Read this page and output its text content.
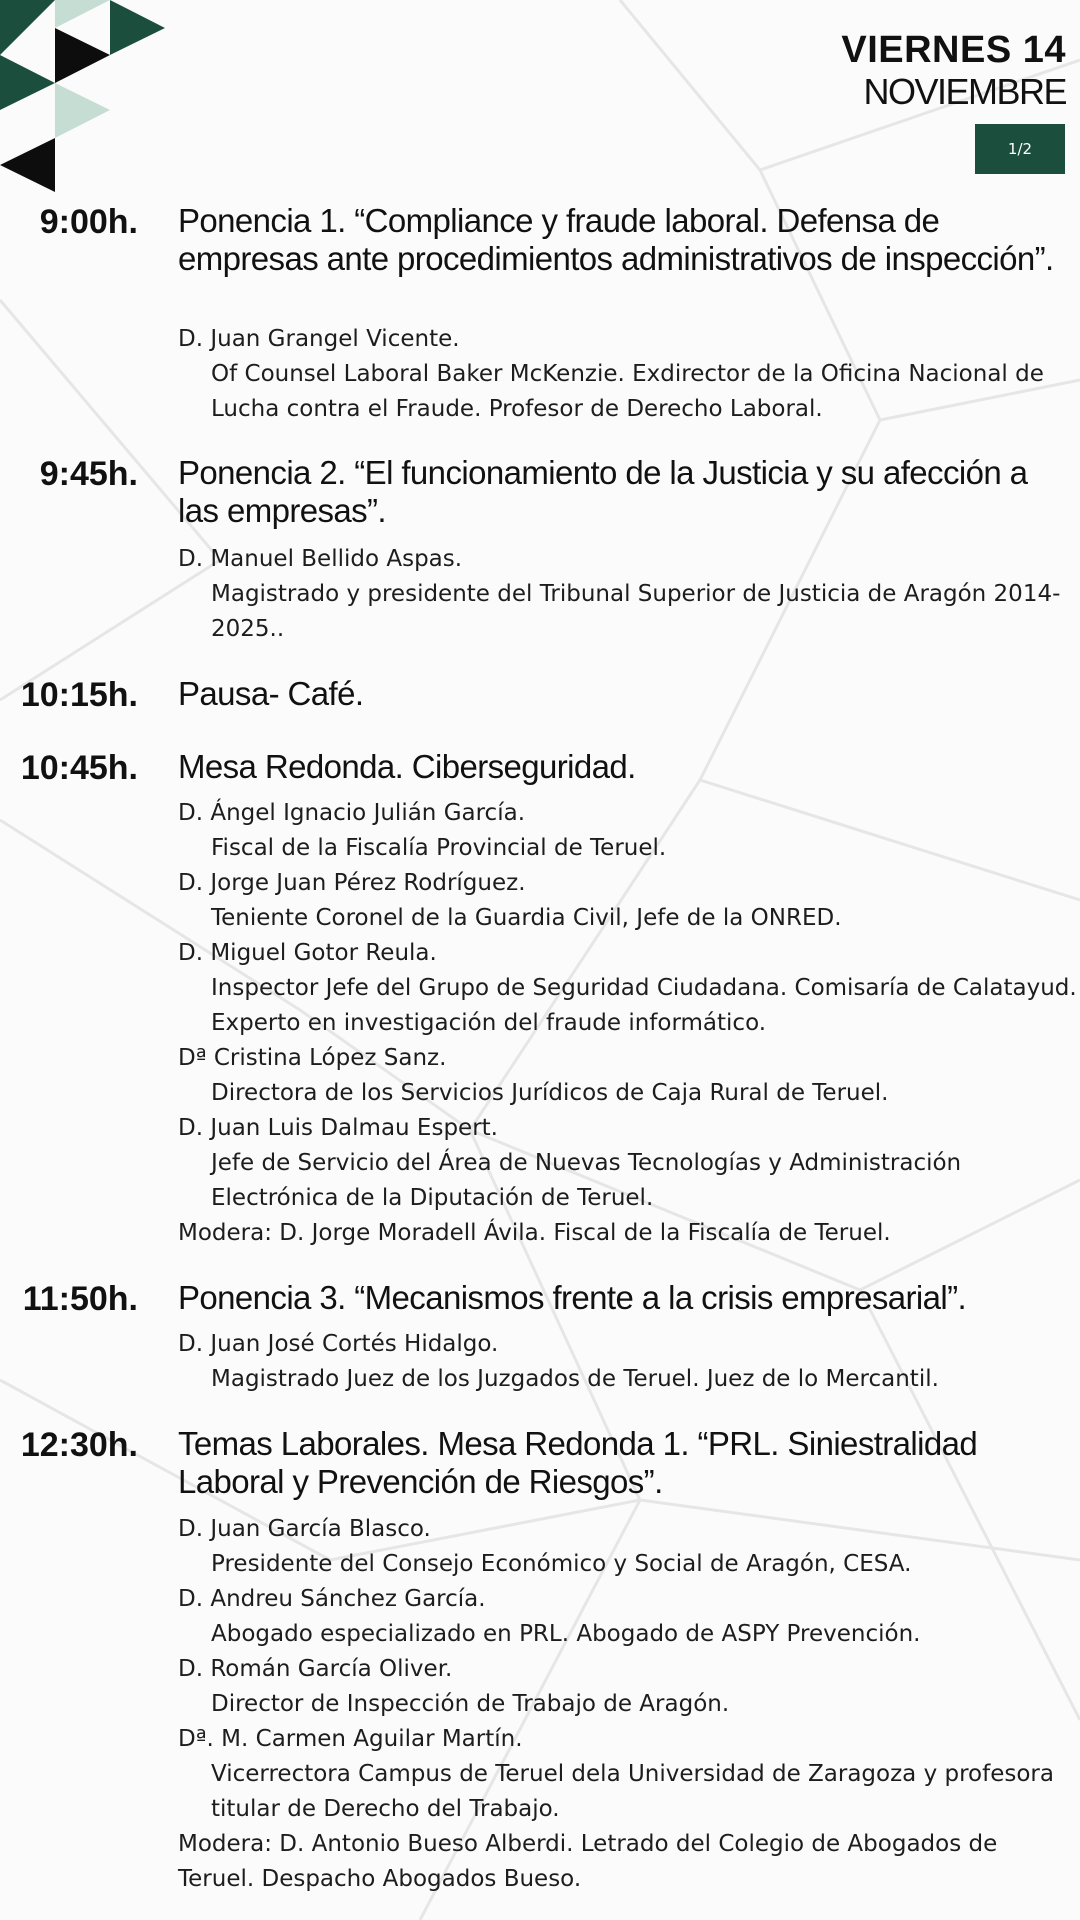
VIERNES 14
NOVIEMBRE
1/2
9:00h. Ponencia 1. “Compliance y fraude laboral. Defensa de empresas ante procedimientos administrativos de inspección”.
D. Juan Grangel Vicente.
Of Counsel Laboral Baker McKenzie. Exdirector de la Oficina Nacional de Lucha contra el Fraude. Profesor de Derecho Laboral.
9:45h. Ponencia 2. “El funcionamiento de la Justicia y su afección a las empresas”.
D. Manuel Bellido Aspas.
Magistrado y presidente del Tribunal Superior de Justicia de Aragón 2014-2025..
10:15h. Pausa- Café.
10:45h. Mesa Redonda. Ciberseguridad.
D. Ángel Ignacio Julián García.
Fiscal de la Fiscalía Provincial de Teruel.
D. Jorge Juan Pérez Rodríguez.
Teniente Coronel de la Guardia Civil, Jefe de la ONRED.
D. Miguel Gotor Reula.
Inspector Jefe del Grupo de Seguridad Ciudadana. Comisaría de Calatayud. Experto en investigación del fraude informático.
Dª Cristina López Sanz.
Directora de los Servicios Jurídicos de Caja Rural de Teruel.
D. Juan Luis Dalmau Espert.
Jefe de Servicio del Área de Nuevas Tecnologías y Administración Electrónica de la Diputación de Teruel.
Modera: D. Jorge Moradell Ávila. Fiscal de la Fiscalía de Teruel.
11:50h. Ponencia 3. “Mecanismos frente a la crisis empresarial”.
D. Juan José Cortés Hidalgo.
Magistrado Juez de los Juzgados de Teruel. Juez de lo Mercantil.
12:30h. Temas Laborales. Mesa Redonda 1. “PRL. Siniestralidad Laboral y Prevención de Riesgos”.
D. Juan García Blasco.
Presidente del Consejo Económico y Social de Aragón, CESA.
D. Andreu Sánchez García.
Abogado especializado en PRL. Abogado de ASPY Prevención.
D. Román García Oliver.
Director de Inspección de Trabajo de Aragón.
Dª. M. Carmen Aguilar Martín.
Vicerrectora Campus de Teruel dela Universidad de Zaragoza y profesora titular de Derecho del Trabajo.
Modera: D. Antonio Bueso Alberdi. Letrado del Colegio de Abogados de Teruel. Despacho Abogados Bueso.
